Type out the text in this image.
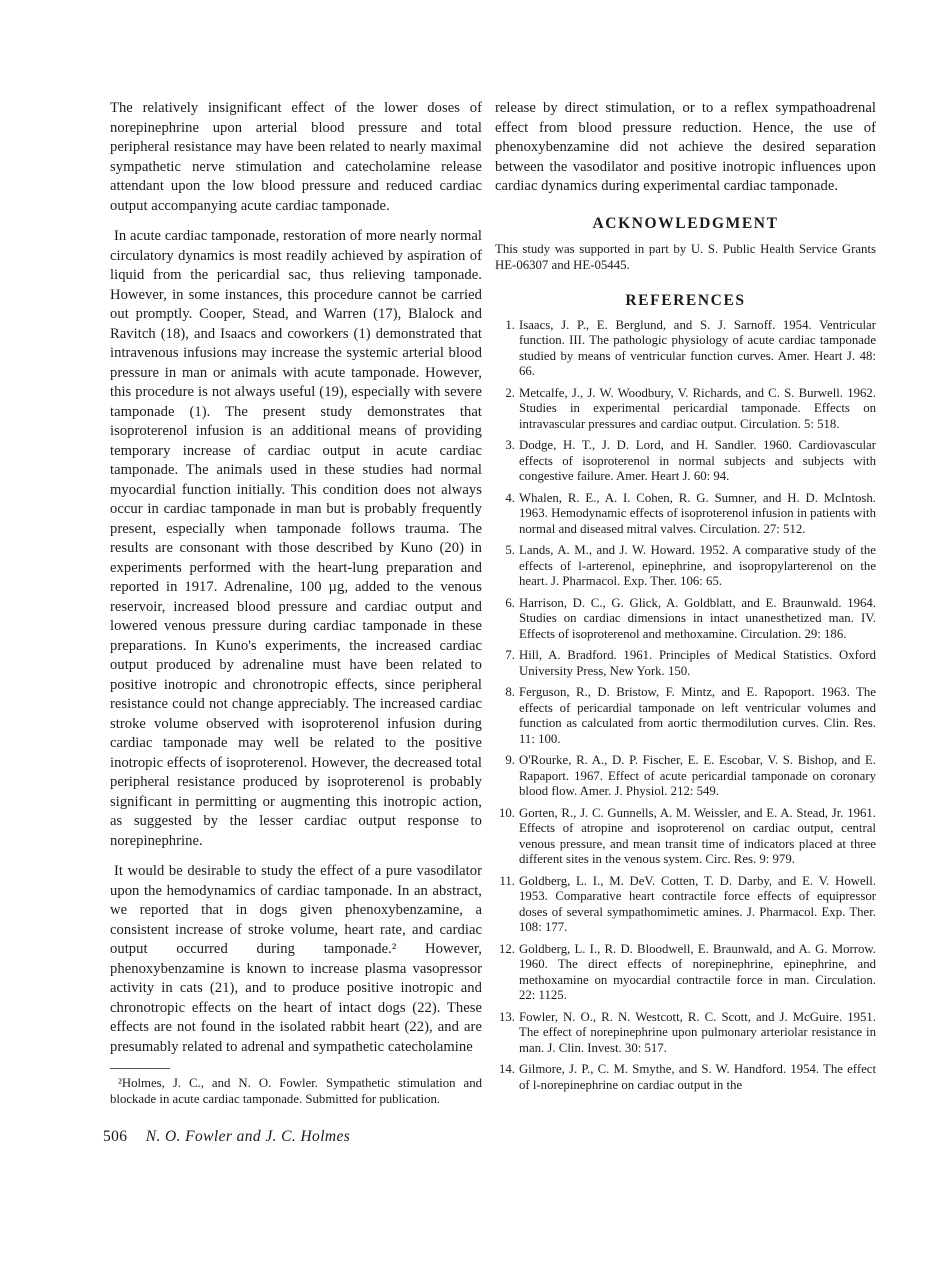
The relatively insignificant effect of the lower doses of norepinephrine upon arterial blood pressure and total peripheral resistance may have been related to nearly maximal sympathetic nerve stimulation and catecholamine release attendant upon the low blood pressure and reduced cardiac output accompanying acute cardiac tamponade.

In acute cardiac tamponade, restoration of more nearly normal circulatory dynamics is most readily achieved by aspiration of liquid from the pericardial sac, thus relieving tamponade. However, in some instances, this procedure cannot be carried out promptly. Cooper, Stead, and Warren (17), Blalock and Ravitch (18), and Isaacs and coworkers (1) demonstrated that intravenous infusions may increase the systemic arterial blood pressure in man or animals with acute tamponade. However, this procedure is not always useful (19), especially with severe tamponade (1). The present study demonstrates that isoproterenol infusion is an additional means of providing temporary increase of cardiac output in acute cardiac tamponade. The animals used in these studies had normal myocardial function initially. This condition does not always occur in cardiac tamponade in man but is probably frequently present, especially when tamponade follows trauma. The results are consonant with those described by Kuno (20) in experiments performed with the heart-lung preparation and reported in 1917. Adrenaline, 100 µg, added to the venous reservoir, increased blood pressure and cardiac output and lowered venous pressure during cardiac tamponade in these preparations. In Kuno's experiments, the increased cardiac output produced by adrenaline must have been related to positive inotropic and chronotropic effects, since peripheral resistance could not change appreciably. The increased cardiac stroke volume observed with isoproterenol infusion during cardiac tamponade may well be related to the positive inotropic effects of isoproterenol. However, the decreased total peripheral resistance produced by isoproterenol is probably significant in permitting or augmenting this inotropic action, as suggested by the lesser cardiac output response to norepinephrine.

It would be desirable to study the effect of a pure vasodilator upon the hemodynamics of cardiac tamponade. In an abstract, we reported that in dogs given phenoxybenzamine, a consistent increase of stroke volume, heart rate, and cardiac output occurred during tamponade.² However, phenoxybenzamine is known to increase plasma vasopressor activity in cats (21), and to produce positive inotropic and chronotropic effects on the heart of intact dogs (22). These effects are not found in the isolated rabbit heart (22), and are presumably related to adrenal and sympathetic catecholamine

²Holmes, J. C., and N. O. Fowler. Sympathetic stimulation and blockade in acute cardiac tamponade. Submitted for publication.

release by direct stimulation, or to a reflex sympathoadrenal effect from blood pressure reduction. Hence, the use of phenoxybenzamine did not achieve the desired separation between the vasodilator and positive inotropic influences upon cardiac dynamics during experimental cardiac tamponade.

ACKNOWLEDGMENT

This study was supported in part by U. S. Public Health Service Grants HE-06307 and HE-05445.

REFERENCES
1. Isaacs, J. P., E. Berglund, and S. J. Sarnoff. 1954. Ventricular function. III. The pathologic physiology of acute cardiac tamponade studied by means of ventricular function curves. Amer. Heart J. 48: 66.
2. Metcalfe, J., J. W. Woodbury, V. Richards, and C. S. Burwell. 1962. Studies in experimental pericardial tamponade. Effects on intravascular pressures and cardiac output. Circulation. 5: 518.
3. Dodge, H. T., J. D. Lord, and H. Sandler. 1960. Cardiovascular effects of isoproterenol in normal subjects and subjects with congestive failure. Amer. Heart J. 60: 94.
4. Whalen, R. E., A. I. Cohen, R. G. Sumner, and H. D. McIntosh. 1963. Hemodynamic effects of isoproterenol infusion in patients with normal and diseased mitral valves. Circulation. 27: 512.
5. Lands, A. M., and J. W. Howard. 1952. A comparative study of the effects of l-arterenol, epinephrine, and isopropylarterenol on the heart. J. Pharmacol. Exp. Ther. 106: 65.
6. Harrison, D. C., G. Glick, A. Goldblatt, and E. Braunwald. 1964. Studies on cardiac dimensions in intact unanesthetized man. IV. Effects of isoproterenol and methoxamine. Circulation. 29: 186.
7. Hill, A. Bradford. 1961. Principles of Medical Statistics. Oxford University Press, New York. 150.
8. Ferguson, R., D. Bristow, F. Mintz, and E. Rapoport. 1963. The effects of pericardial tamponade on left ventricular volumes and function as calculated from aortic thermodilution curves. Clin. Res. 11: 100.
9. O'Rourke, R. A., D. P. Fischer, E. E. Escobar, V. S. Bishop, and E. Rapaport. 1967. Effect of acute pericardial tamponade on coronary blood flow. Amer. J. Physiol. 212: 549.
10. Gorten, R., J. C. Gunnells, A. M. Weissler, and E. A. Stead, Jr. 1961. Effects of atropine and isoproterenol on cardiac output, central venous pressure, and mean transit time of indicators placed at three different sites in the venous system. Circ. Res. 9: 979.
11. Goldberg, L. I., M. DeV. Cotten, T. D. Darby, and E. V. Howell. 1953. Comparative heart contractile force effects of equipressor doses of several sympathomimetic amines. J. Pharmacol. Exp. Ther. 108: 177.
12. Goldberg, L. I., R. D. Bloodwell, E. Braunwald, and A. G. Morrow. 1960. The direct effects of norepinephrine, epinephrine, and methoxamine on myocardial contractile force in man. Circulation. 22: 1125.
13. Fowler, N. O., R. N. Westcott, R. C. Scott, and J. McGuire. 1951. The effect of norepinephrine upon pulmonary arteriolar resistance in man. J. Clin. Invest. 30: 517.
14. Gilmore, J. P., C. M. Smythe, and S. W. Handford. 1954. The effect of l-norepinephrine on cardiac output in the
506 N. O. Fowler and J. C. Holmes
